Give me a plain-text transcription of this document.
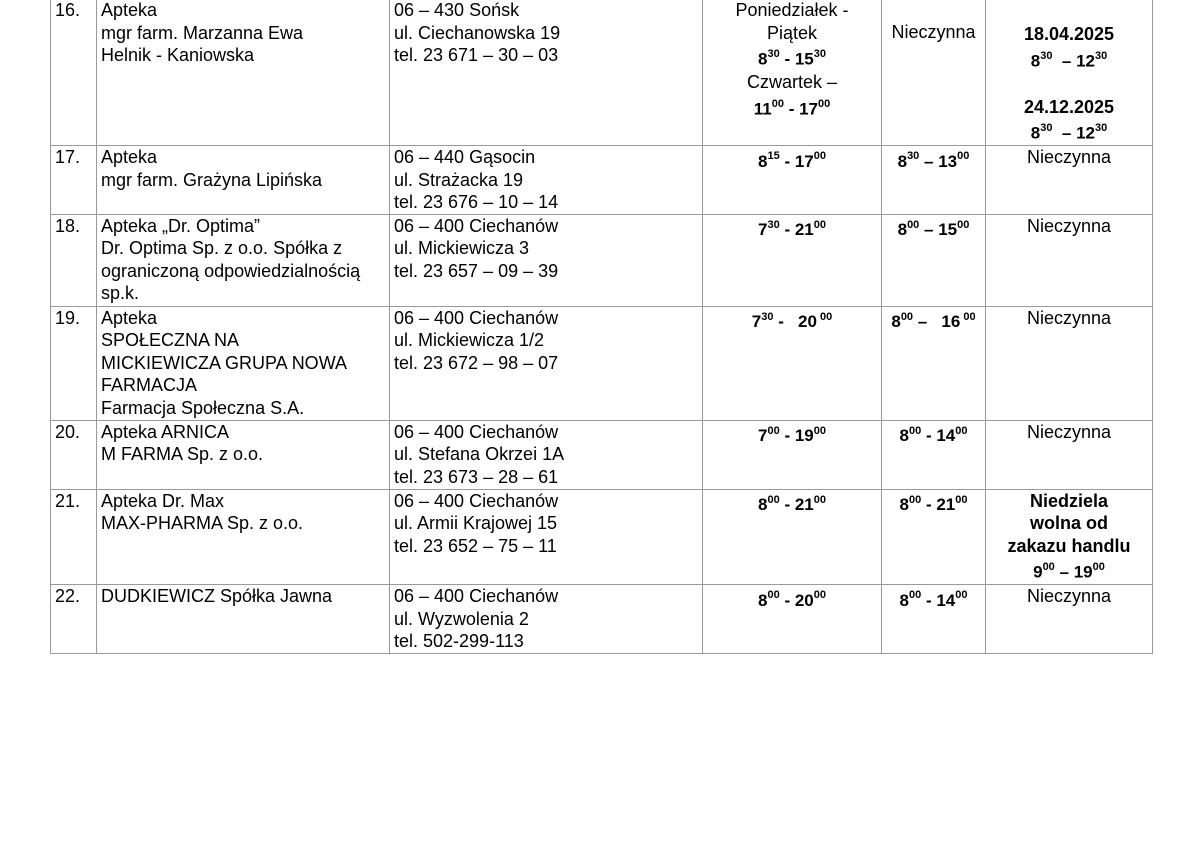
16.	Apteka
mgr farm. Marzanna Ewa
Helnik - Kaniowska	06 – 430 Sońsk
ul. Ciechanowska 19
tel. 23 671 – 30 – 03	Poniedziałek -
Piątek
$8^{30} - 15^{30}$
Czwartek –
$11^{00} - 17^{00}$	Nieczynna	18.04.2025
$8^{30} - 12^{30}$
24.12.2025
$8^{30} - 12^{30}$

17.	Apteka
mgr farm. Grażyna Lipińska	06 – 440 Gąsocin
ul. Strażacka 19
tel. 23 676 – 10 – 14	$8^{15} - 17^{00}$	$8^{30} - 13^{00}$	Nieczynna
18.	Apteka „Dr. Optima”
Dr. Optima Sp. z o.o. Spółka z
ograniczoną odpowiedzialnością
sp.k.	06 – 400 Ciechanów
ul. Mickiewicza 3
tel. 23 657 – 09 – 39	$7^{30} - 21^{00}$	$8^{00} - 15^{00}$	Nieczynna
19.	Apteka
SPOŁECZNA NA
MICKIEWICZA GRUPA NOWA
FARMACJA
Farmacja Społeczna S.A.	06 – 400 Ciechanów
ul. Mickiewicza 1/2
tel. 23 672 – 98 – 07	$7^{30} - 20$ $^{00}$	$8^{00} - 16$ $^{00}$	Nieczynna
20.	Apteka ARNICA
M FARMA Sp. z o.o.	06 – 400 Ciechanów
ul. Stefana Okrzei 1A
tel. 23 673 – 28 – 61	$7^{00} - 19^{00}$	$8^{00} - 14^{00}$	Nieczynna
21.	Apteka Dr. Max
MAX-PHARMA Sp. z o.o.	06 – 400 Ciechanów
ul. Armii Krajowej 15
tel. 23 652 – 75 – 11	$8^{00} - 21^{00}$	$8^{00} - 21^{00}$	Niedziela
wolna od
zakazu handlu
$9^{00} - 19^{00}$

22.	DUDKIEWICZ Spółka Jawna	06 – 400 Ciechanów
ul. Wyzwolenia 2
tel. 502-299-113	$8^{00} - 20^{00}$	$8^{00} - 14^{00}$	Nieczynna
